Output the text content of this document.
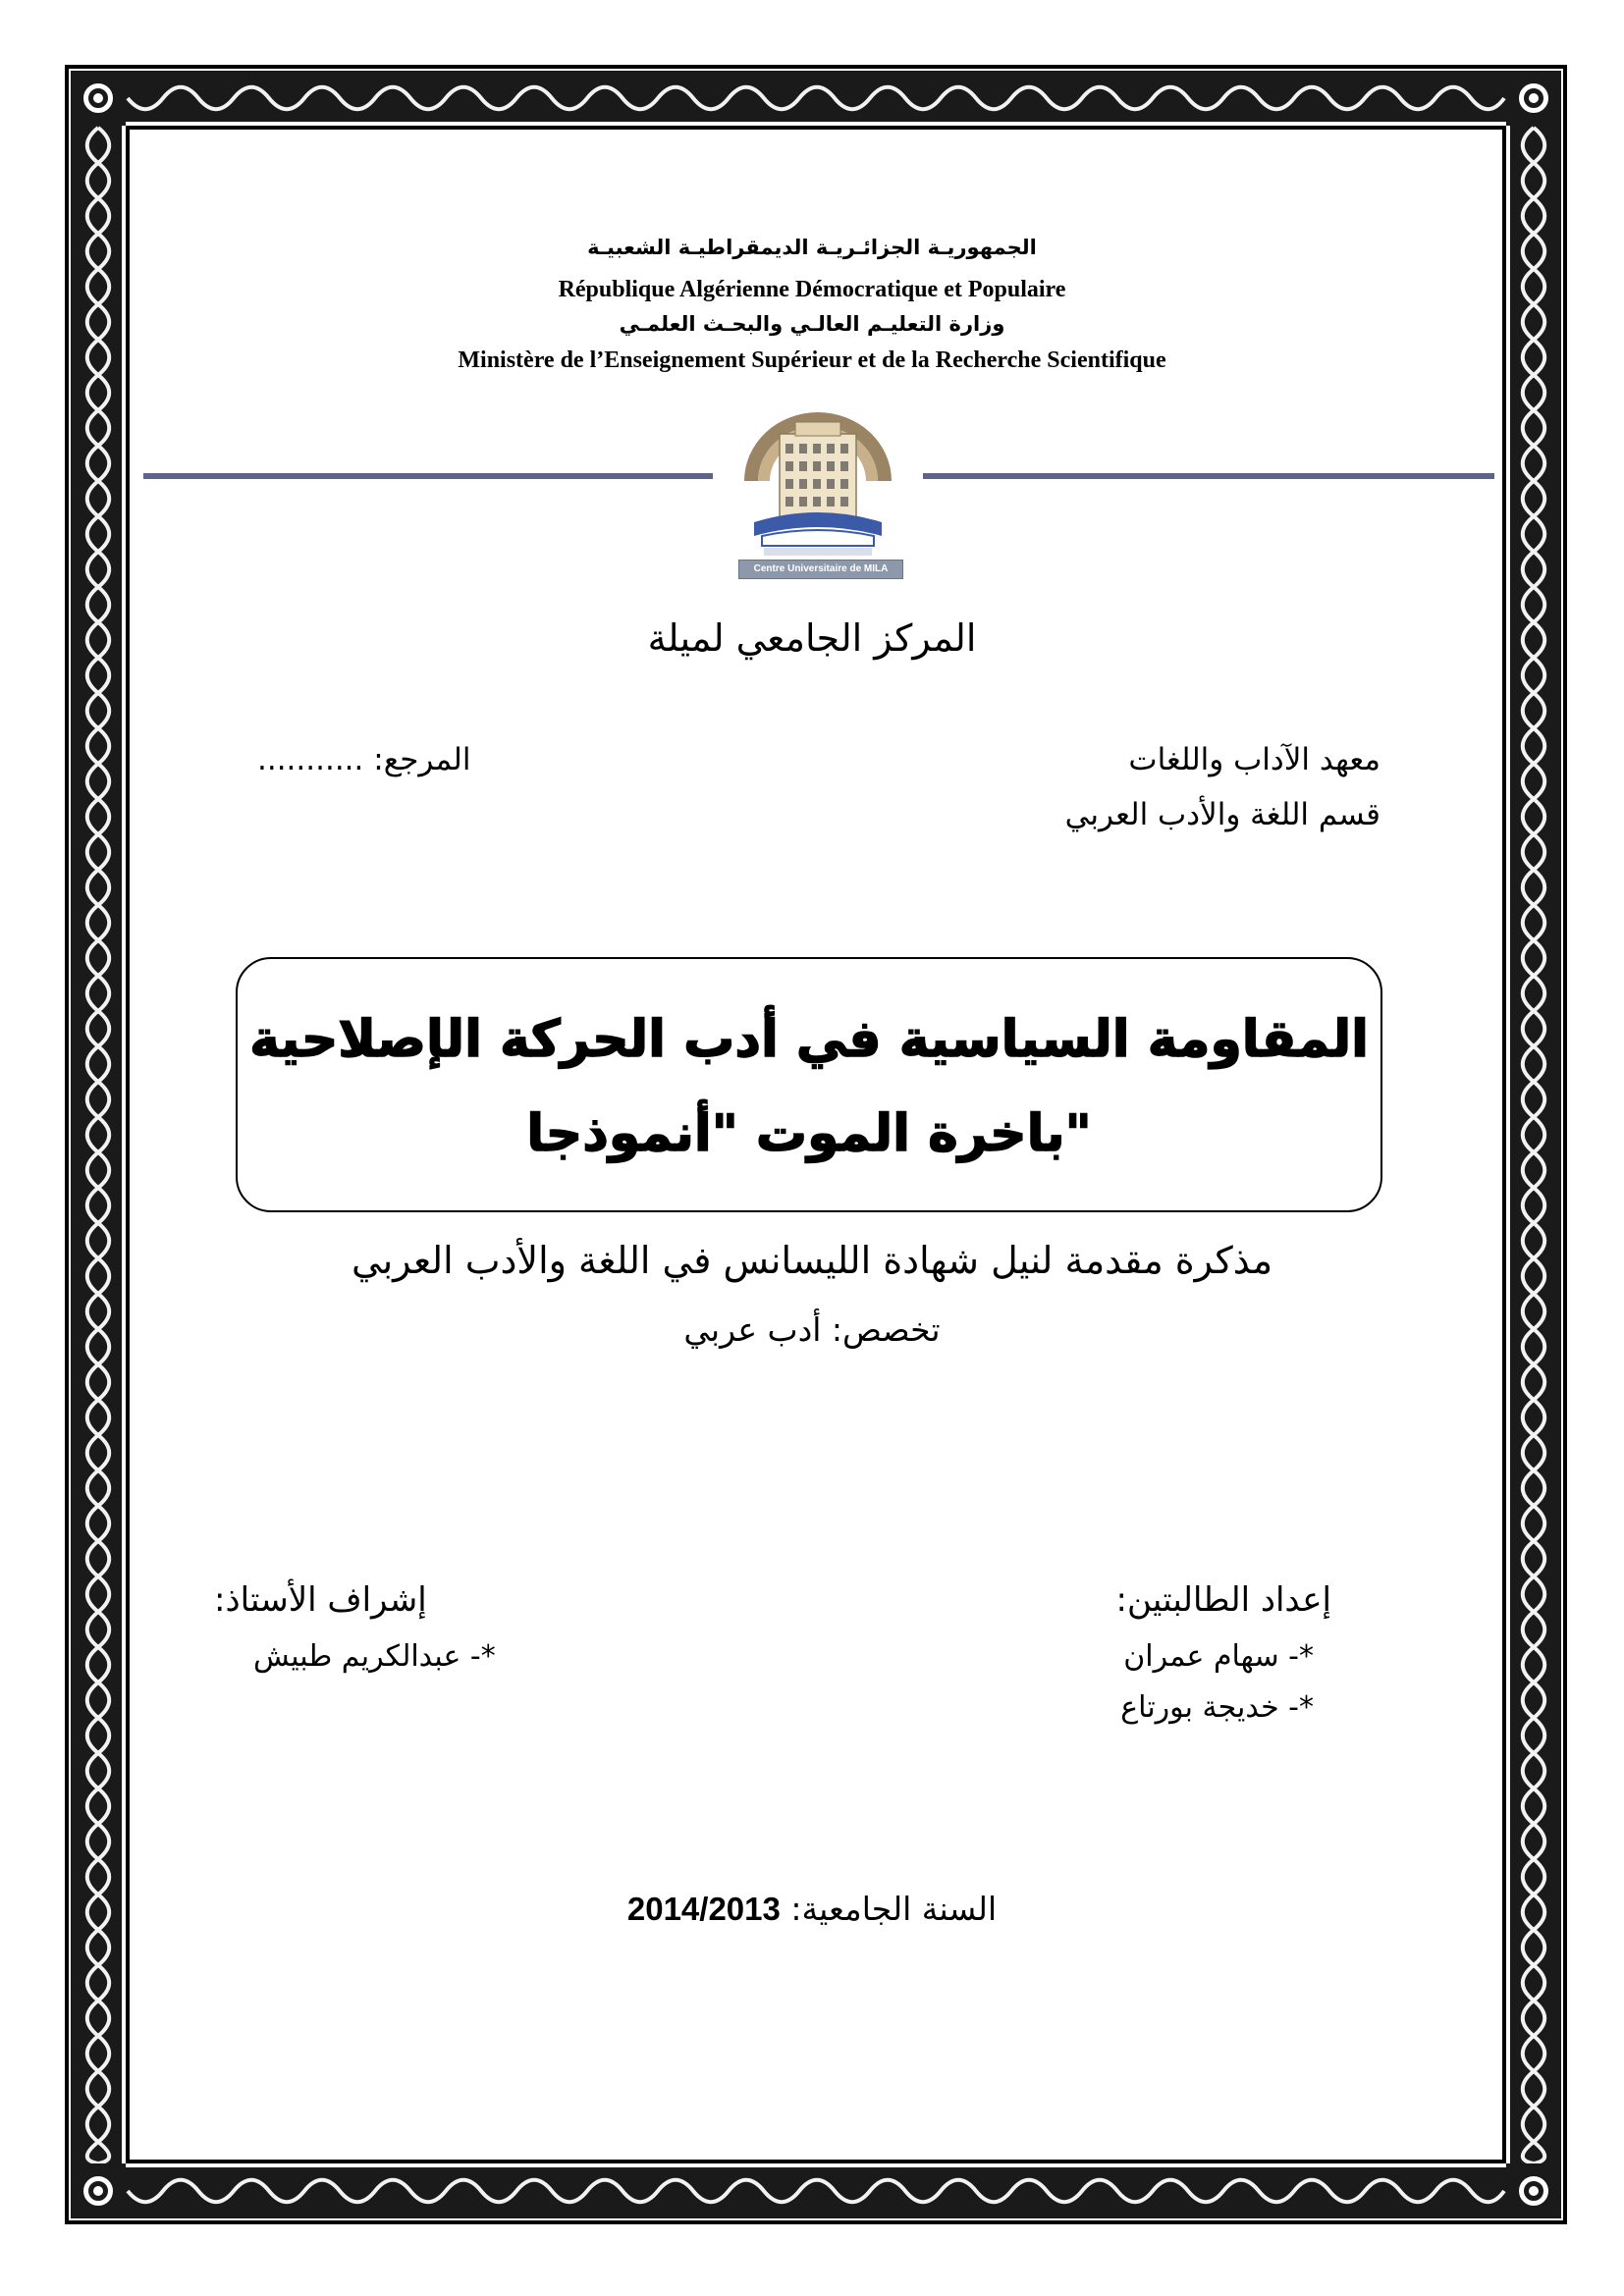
الجمهوريـة الجزائـريـة الديمقراطيـة الشعبيـة
République Algérienne Démocratique et Populaire
وزارة التعليـم العالـي والبحـث العلمـي
Ministère de l’Enseignement Supérieur et de la Recherche Scientifique
Centre Universitaire de MILA
المركز الجامعي لميلة
معهد الآداب واللغات
قسم اللغة والأدب العربي
المرجع: ...........
المقاومة السياسية في أدب الحركة الإصلاحية
"باخرة الموت "أنموذجا
مذكرة مقدمة لنيل شهادة الليسانس في اللغة والأدب العربي
تخصص: أدب عربي
إعداد الطالبتين:
*- سهام عمران
*- خديجة بورتاع
إشراف الأستاذ:
*- عبدالكريم طبيش
السنة الجامعية: 2014/2013
